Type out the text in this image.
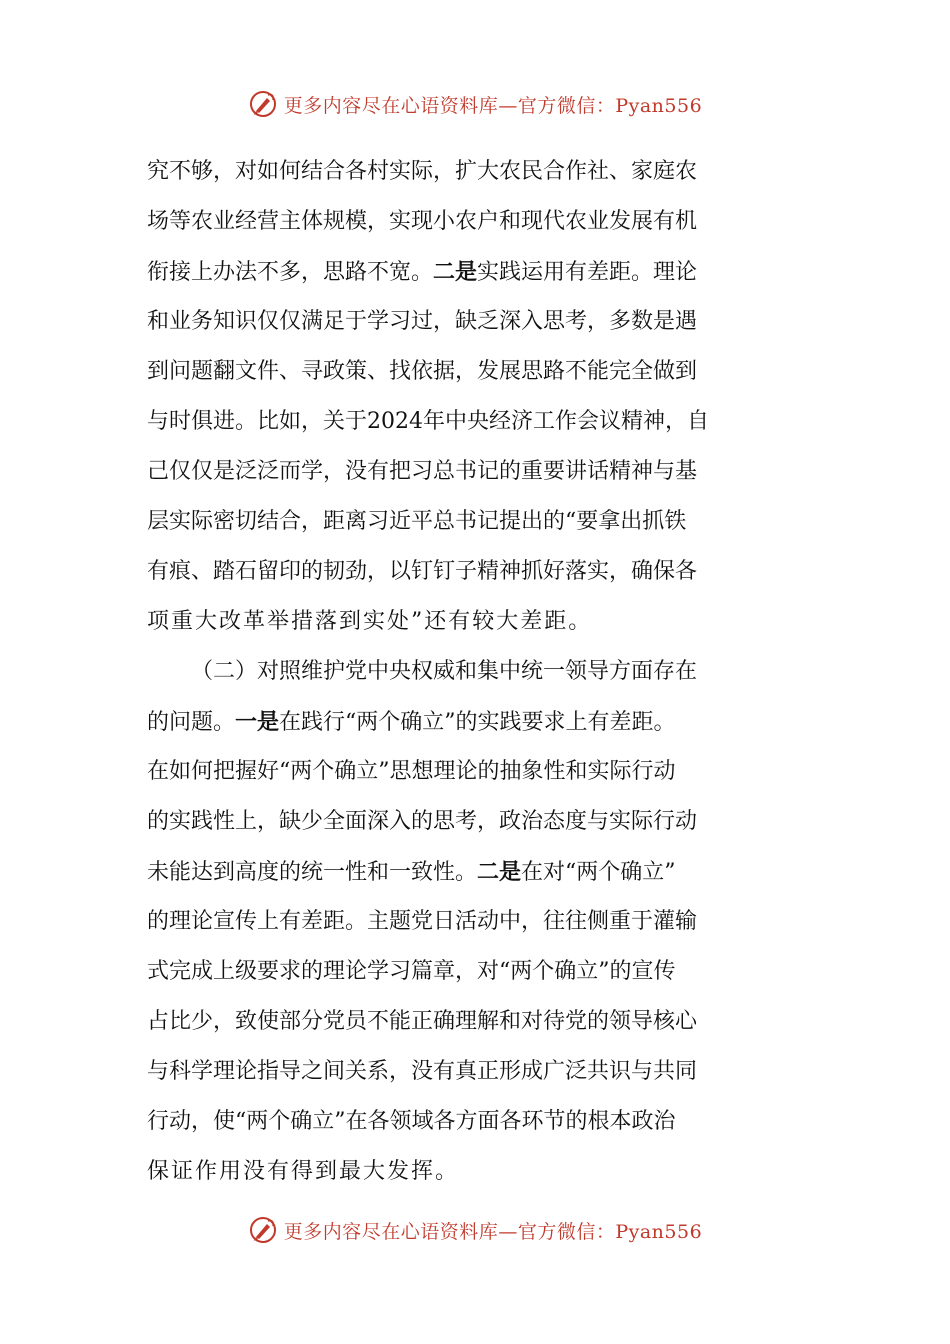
更多内容尽在心语资料库—官方微信：Pyan556
究不够，对如何结合各村实际，扩大农民合作社、家庭农
场等农业经营主体规模，实现小农户和现代农业发展有机
衔接上办法不多，思路不宽。二是实践运用有差距。理论
和业务知识仅仅满足于学习过，缺乏深入思考，多数是遇
到问题翻文件、寻政策、找依据，发展思路不能完全做到
与时俱进。比如，关于2024年中央经济工作会议精神，自
己仅仅是泛泛而学，没有把习总书记的重要讲话精神与基
层实际密切结合，距离习近平总书记提出的“要拿出抓铁
有痕、踏石留印的韧劲，以钉钉子精神抓好落实，确保各
项重大改革举措落到实处”还有较大差距。
（二）对照维护党中央权威和集中统一领导方面存在
的问题。一是在践行“两个确立”的实践要求上有差距。
在如何把握好“两个确立”思想理论的抽象性和实际行动
的实践性上，缺少全面深入的思考，政治态度与实际行动
未能达到高度的统一性和一致性。二是在对“两个确立”
的理论宣传上有差距。主题党日活动中，往往侧重于灌输
式完成上级要求的理论学习篇章，对“两个确立”的宣传
占比少，致使部分党员不能正确理解和对待党的领导核心
与科学理论指导之间关系，没有真正形成广泛共识与共同
行动，使“两个确立”在各领域各方面各环节的根本政治
保证作用没有得到最大发挥。
更多内容尽在心语资料库—官方微信：Pyan556
